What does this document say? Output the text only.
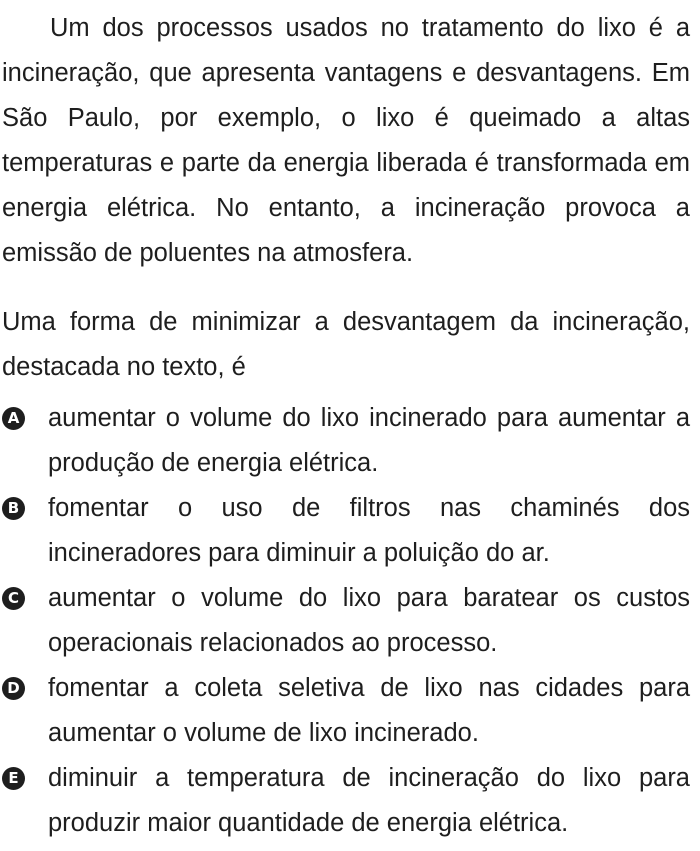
Um dos processos usados no tratamento do lixo é a incineração, que apresenta vantagens e desvantagens. Em São Paulo, por exemplo, o lixo é queimado a altas temperaturas e parte da energia liberada é transformada em energia elétrica. No entanto, a incineração provoca a emissão de poluentes na atmosfera.

Uma forma de minimizar a desvantagem da incineração, destacada no texto, é

A aumentar o volume do lixo incinerado para aumentar a produção de energia elétrica.
B fomentar o uso de filtros nas chaminés dos incineradores para diminuir a poluição do ar.
C aumentar o volume do lixo para baratear os custos operacionais relacionados ao processo.
D fomentar a coleta seletiva de lixo nas cidades para aumentar o volume de lixo incinerado.
E diminuir a temperatura de incineração do lixo para produzir maior quantidade de energia elétrica.
